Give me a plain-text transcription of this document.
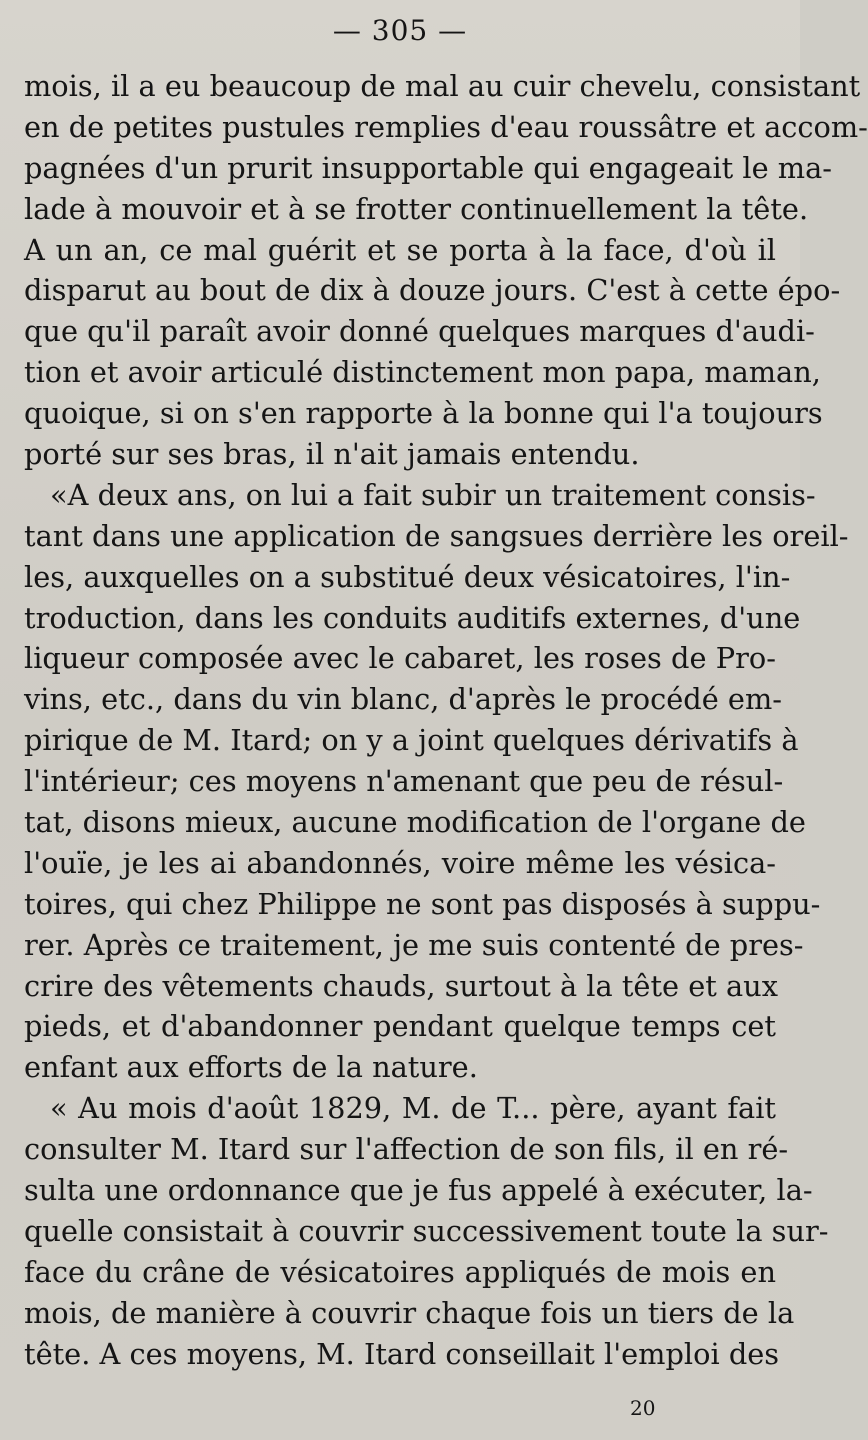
— 305 —
mois, il a eu beaucoup de mal au cuir chevelu, consistant
en de petites pustules remplies d'eau roussâtre et accom-
pagnées d'un prurit insupportable qui engageait le ma-
lade à mouvoir et à se frotter continuellement la tête.
A un an, ce mal guérit et se porta à la face, d'où il
disparut au bout de dix à douze jours. C'est à cette épo-
que qu'il paraît avoir donné quelques marques d'audi-
tion et avoir articulé distinctement mon papa, maman,
quoique, si on s'en rapporte à la bonne qui l'a toujours
porté sur ses bras, il n'ait jamais entendu.
«A deux ans, on lui a fait subir un traitement consis-
tant dans une application de sangsues derrière les oreil-
les, auxquelles on a substitué deux vésicatoires, l'in-
troduction, dans les conduits auditifs externes, d'une
liqueur composée avec le cabaret, les roses de Pro-
vins, etc., dans du vin blanc, d'après le procédé em-
pirique de M. Itard; on y a joint quelques dérivatifs à
l'intérieur; ces moyens n'amenant que peu de résul-
tat, disons mieux, aucune modification de l'organe de
l'ouïe, je les ai abandonnés, voire même les vésica-
toires, qui chez Philippe ne sont pas disposés à suppu-
rer. Après ce traitement, je me suis contenté de pres-
crire des vêtements chauds, surtout à la tête et aux
pieds, et d'abandonner pendant quelque temps cet
enfant aux efforts de la nature.
« Au mois d'août 1829, M. de T... père, ayant fait
consulter M. Itard sur l'affection de son fils, il en ré-
sulta une ordonnance que je fus appelé à exécuter, la-
quelle consistait à couvrir successivement toute la sur-
face du crâne de vésicatoires appliqués de mois en
mois, de manière à couvrir chaque fois un tiers de la
tête. A ces moyens, M. Itard conseillait l'emploi des
20
